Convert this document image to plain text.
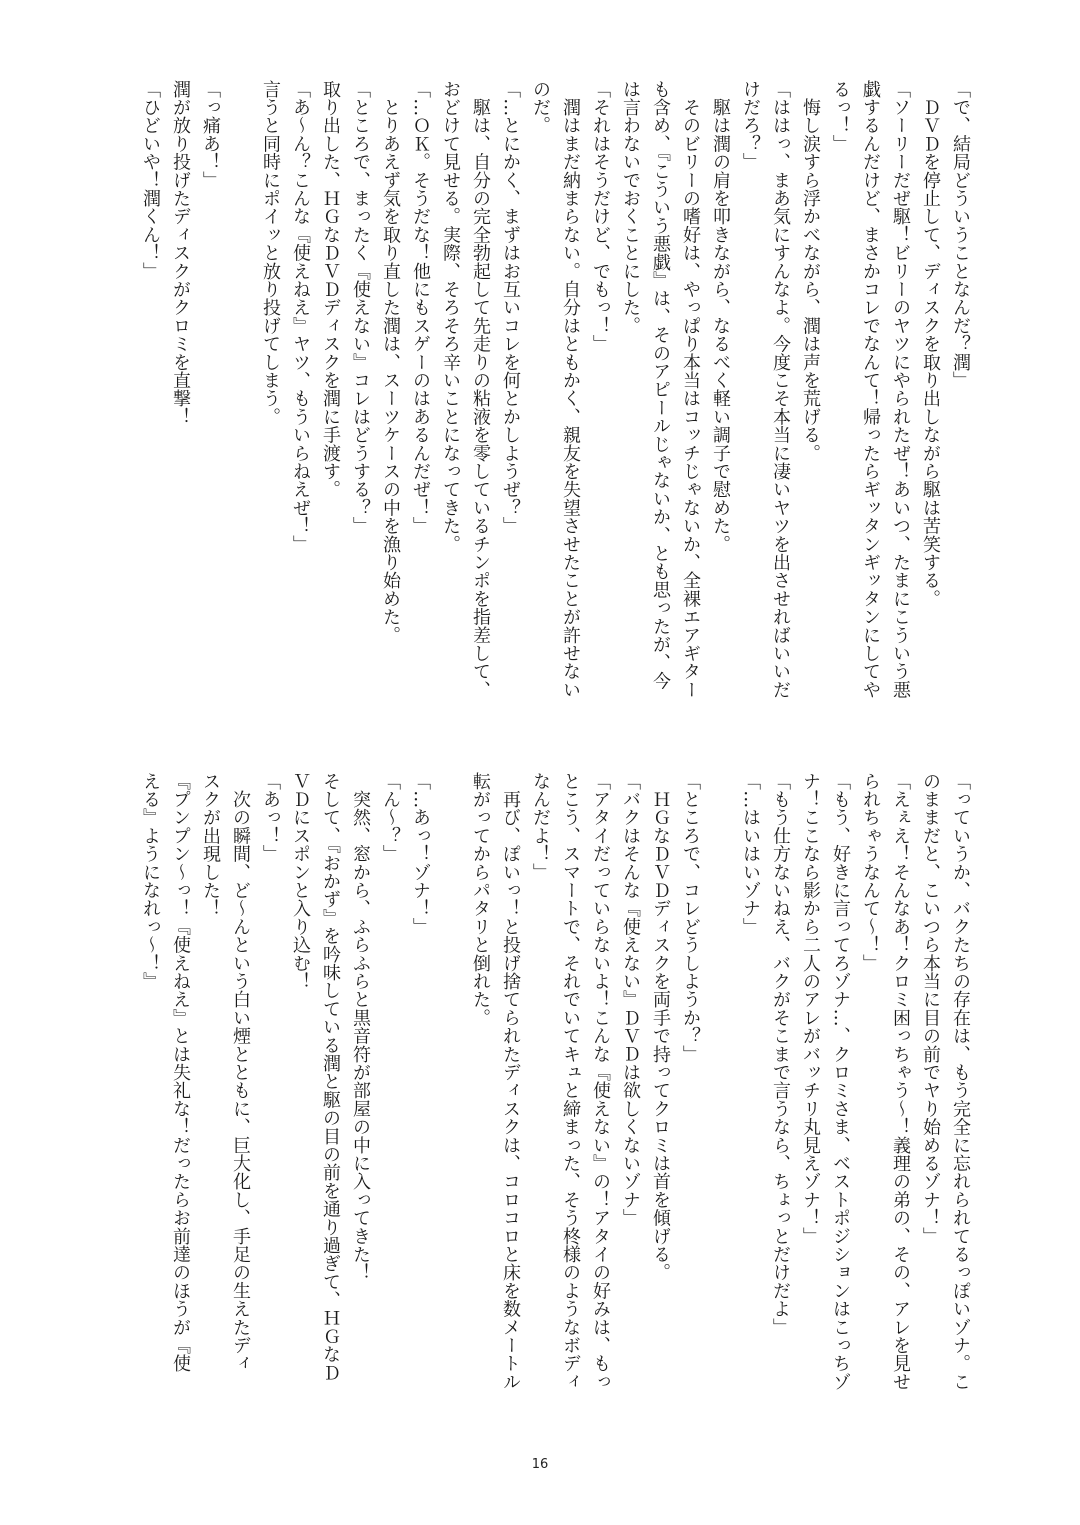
「で、結局どういうことなんだ？潤」
　ＤＶＤを停止して、ディスクを取り出しながら駆は苦笑する。
「ソーリーだぜ駆！ビリーのヤツにやられたぜ！あいつ、たまにこういう悪
戯するんだけど、まさかコレでなんて！帰ったらギッタンギッタンにしてや
るっ！」
　悔し涙すら浮かべながら、潤は声を荒げる。
「ははっ、まあ気にすんなよ。今度こそ本当に凄いヤツを出させればいいだ
けだろ？」
　駆は潤の肩を叩きながら、なるべく軽い調子で慰めた。
　そのビリーの嗜好は、やっぱり本当はコッチじゃないか、全裸エアギター
も含め、『こういう悪戯』は、そのアピールじゃないか、とも思ったが、今
は言わないでおくことにした。
「それはそうだけど、でもっ！」
　潤はまだ納まらない。自分はともかく、親友を失望させたことが許せない
のだ。
「…とにかく、まずはお互いコレを何とかしようぜ？」
　駆は、自分の完全勃起して先走りの粘液を零しているチンポを指差して、
おどけて見せる。実際、そろそろ辛いことになってきた。
「…ＯＫ。そうだな！他にもスゲーのはあるんだぜ！」
　とりあえず気を取り直した潤は、スーツケースの中を漁り始めた。
「ところで、まったく『使えない』コレはどうする？」
取り出した、ＨＧなＤＶＤディスクを潤に手渡す。
「あ〜ん？こんな『使えねえ』ヤツ、もういらねえぜ！」
言うと同時にポイッと放り投げてしまう。
「っ痛あ！」
潤が放り投げたディスクがクロミを直撃！
「ひどいや！潤くん！」
「っていうか、バクたちの存在は、もう完全に忘れられてるっぽいゾナ。こ
のままだと、こいつら本当に目の前でヤり始めるゾナ！」
「えぇえ！そんなあ！クロミ困っちゃう〜！義理の弟の、その、アレを見せ
られちゃうなんて〜！」
「もう、好きに言ってろゾナ…、クロミさま、ベストポジションはこっちゾ
ナ！ここなら影から二人のアレがバッチリ丸見えゾナ！」
「もう仕方ないねえ、バクがそこまで言うなら、ちょっとだけだよ」
「…はいはいゾナ」
「ところで、コレどうしようか？」
　ＨＧなＤＶＤディスクを両手で持ってクロミは首を傾げる。
「バクはそんな『使えない』ＤＶＤは欲しくないゾナ」
「アタイだっていらないよ！こんな『使えない』の！アタイの好みは、もっ
とこう、スマートで、それでいてキュと締まった、そう柊様のようなボディ
なんだよ！」
　再び、ぽいっ！と投げ捨てられたディスクは、コロコロと床を数メートル
転がってからパタリと倒れた。
「…あっ！ゾナ！」
「ん〜？」
　突然、窓から、ふらふらと黒音符が部屋の中に入ってきた！
そして、『おかず』を吟味している潤と駆の目の前を通り過ぎて、ＨＧなＤ
ＶＤにスポンと入り込む！
「あっ！」
　次の瞬間、ど〜んという白い煙とともに、巨大化し、手足の生えたディ
スクが出現した！
『プンプン〜っ！『使えねえ』とは失礼な！だったらお前達のほうが『使
える』ようになれっ〜！』
16
